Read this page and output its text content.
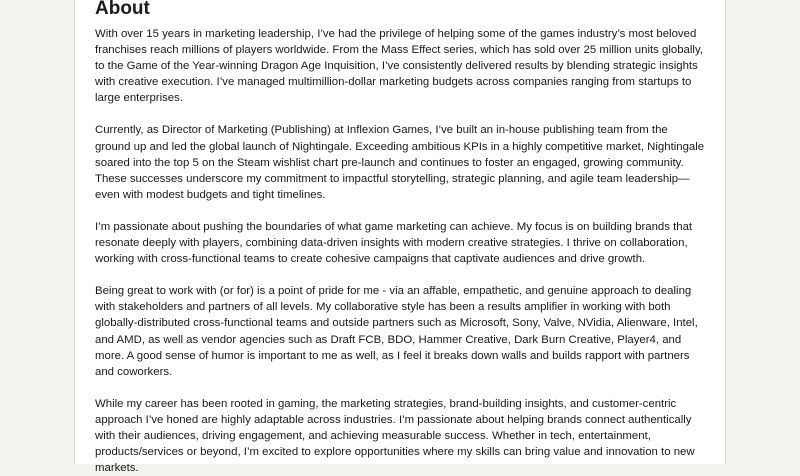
About

With over 15 years in marketing leadership, I’ve had the privilege of helping some of the games industry’s most beloved franchises reach millions of players worldwide. From the Mass Effect series, which has sold over 25 million units globally, to the Game of the Year-winning Dragon Age Inquisition, I’ve consistently delivered results by blending strategic insights with creative execution. I’ve managed multimillion-dollar marketing budgets across companies ranging from startups to large enterprises.

Currently, as Director of Marketing (Publishing) at Inflexion Games, I’ve built an in-house publishing team from the ground up and led the global launch of Nightingale. Exceeding ambitious KPIs in a highly competitive market, Nightingale soared into the top 5 on the Steam wishlist chart pre-launch and continues to foster an engaged, growing community. These successes underscore my commitment to impactful storytelling, strategic planning, and agile team leadership—even with modest budgets and tight timelines.

I’m passionate about pushing the boundaries of what game marketing can achieve. My focus is on building brands that resonate deeply with players, combining data-driven insights with modern creative strategies. I thrive on collaboration, working with cross-functional teams to create cohesive campaigns that captivate audiences and drive growth.

Being great to work with (or for) is a point of pride for me - via an affable, empathetic, and genuine approach to dealing with stakeholders and partners of all levels. My collaborative style has been a results amplifier in working with both globally-distributed cross-functional teams and outside partners such as Microsoft, Sony, Valve, NVidia, Alienware, Intel, and AMD, as well as vendor agencies such as Draft FCB, BDO, Hammer Creative, Dark Burn Creative, Player4, and more. A good sense of humor is important to me as well, as I feel it breaks down walls and builds rapport with partners and coworkers.

While my career has been rooted in gaming, the marketing strategies, brand-building insights, and customer-centric approach I’ve honed are highly adaptable across industries. I’m passionate about helping brands connect authentically with their audiences, driving engagement, and achieving measurable success. Whether in tech, entertainment, products/services or beyond, I’m excited to explore opportunities where my skills can bring value and innovation to new markets.
